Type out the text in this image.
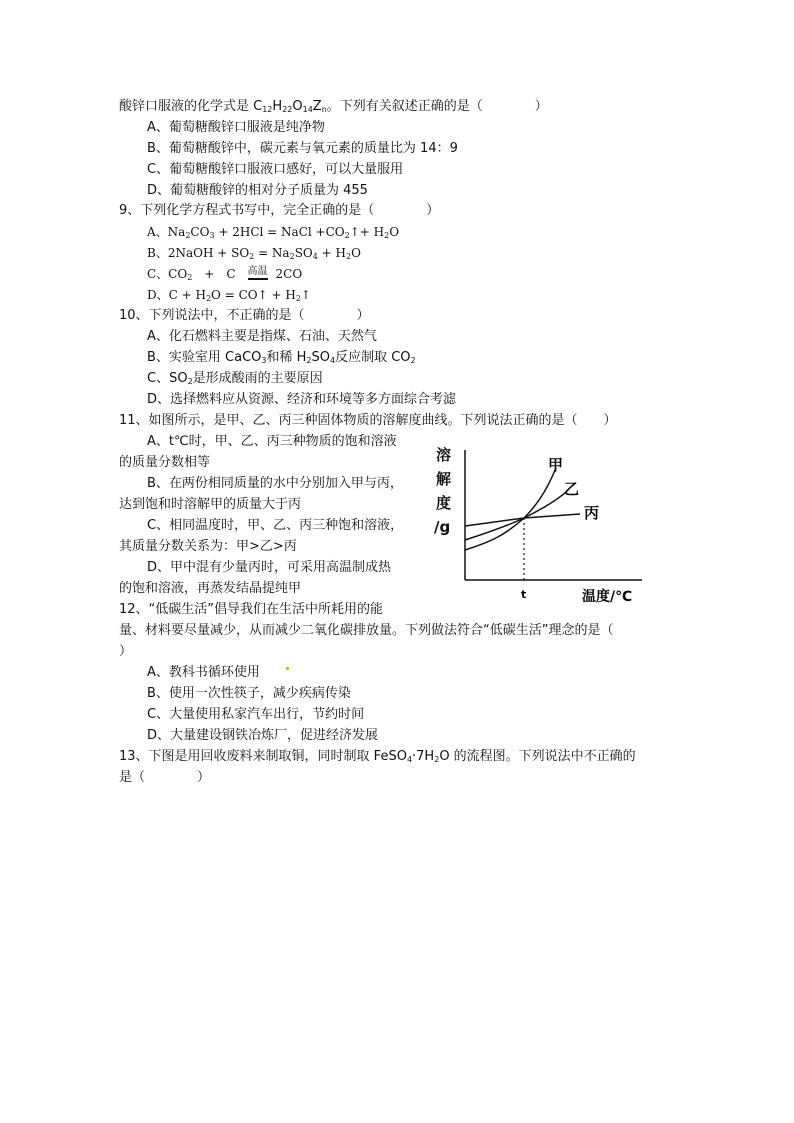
酸锌口服液的化学式是 $C_{12}H_{22}O_{14}Z_n$。下列有关叙述正确的是（　　　　）
A、葡萄糖酸锌口服液是纯净物
B、葡萄糖酸锌中，碳元素与氧元素的质量比为 14：9
C、葡萄糖酸锌口服液口感好，可以大量服用
D、葡萄糖酸锌的相对分子质量为 455
9、下列化学方程式书写中，完全正确的是（　　　　）
A、$Na_2CO_3 + 2HCl$ = NaCl $+CO_2↑+ H_2O$
B、2NaOH + $SO_2 = Na_2SO_4 + H_2O$
C、$CO_2$　+　C 高温 2CO
D、$C + H_2O$ = CO↑ + $H_2↑$
10、下列说法中，不正确的是（　　　　）
A、化石燃料主要是指煤、石油、天然气
B、实验室用 CaCO$_3$和稀 $H_2SO_4$反应制取 $CO_2$
C、$SO_2$是形成酸雨的主要原因
D、选择燃料应从资源、经济和环境等多方面综合考滤
11、如图所示，是甲、乙、丙三种固体物质的溶解度曲线。下列说法正确的是（　　）
A、t℃时，甲、乙、丙三种物质的饱和溶液
的质量分数相等
B、在两份相同质量的水中分别加入甲与丙，
达到饱和时溶解甲的质量大于丙
C、相同温度时，甲、乙、丙三种饱和溶液，
其质量分数关系为：甲>乙>丙
D、甲中混有少量丙时，可采用高温制成热
的饱和溶液，再蒸发结晶提纯甲
溶
解
度
/g
甲
乙
丙
t	温度/℃
12、“低碳生活”倡导我们在生活中所耗用的能
量、材料要尽量减少，从而减少二氧化碳排放量。下列做法符合“低碳生活”理念的是（
）
A、教科书循环使用
B、使用一次性筷子，减少疾病传染
C、大量使用私家汽车出行，节约时间
D、大量建设钢铁冶炼厂，促进经济发展
13、下图是用回收废料来制取铜，同时制取 $FeSO_4\cdot 7H_2O$ 的流程图。下列说法中不正确的
是（　　　　）
